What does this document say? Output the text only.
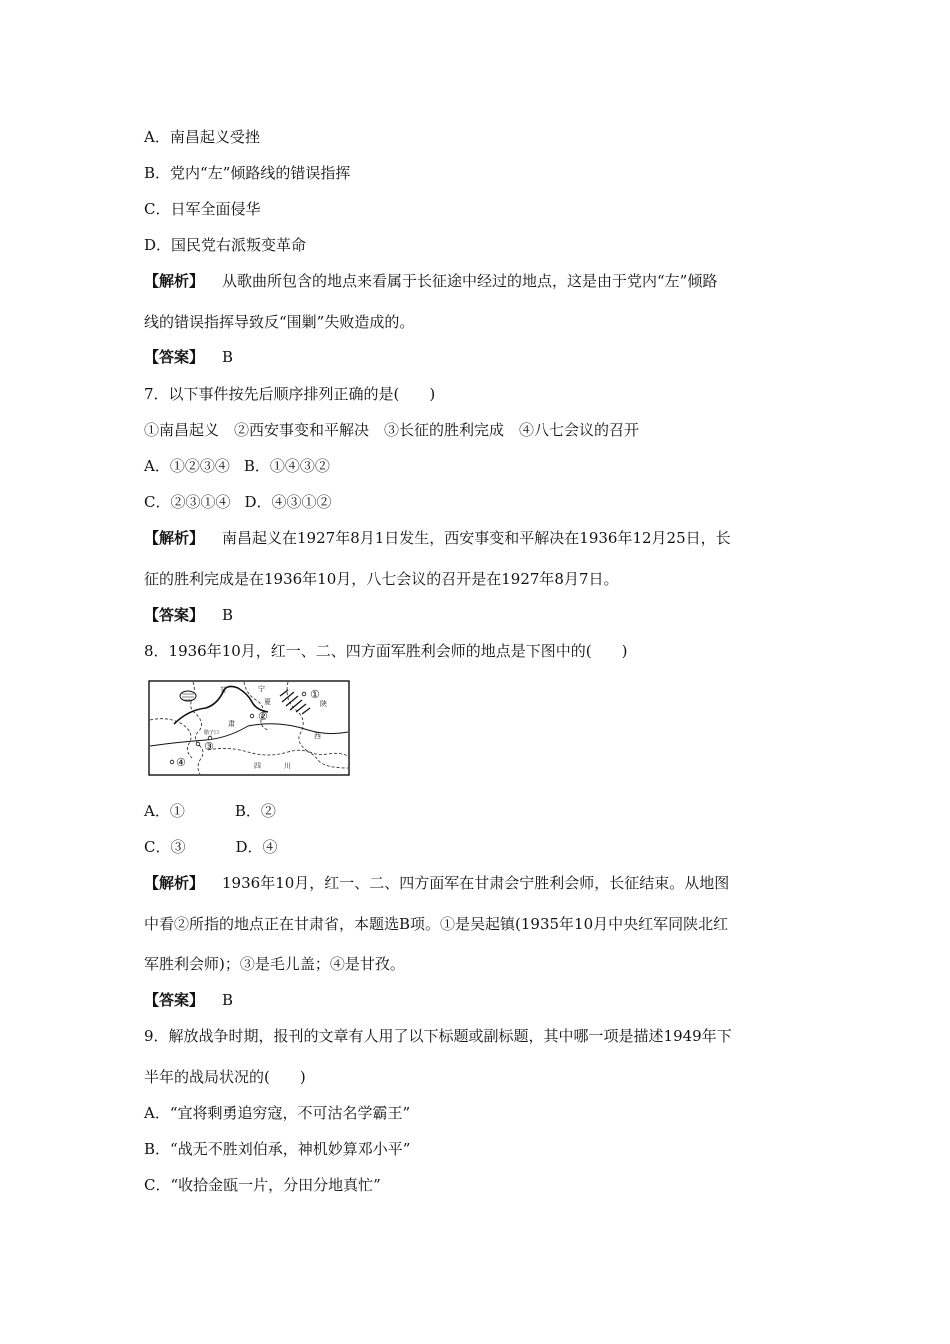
A．南昌起义受挫
B．党内“左”倾路线的错误指挥
C．日军全面侵华
D．国民党右派叛变革命
【解析】 从歌曲所包含的地点来看属于长征途中经过的地点，这是由于党内“左”倾路
线的错误指挥导致反“围剿”失败造成的。
【答案】 B
7．以下事件按先后顺序排列正确的是(　　)
①南昌起义　②西安事变和平解决　③长征的胜利完成　④八七会议的召开
A．①②③④ B．①④③②
C．②③①④ D．④③①②
【解析】 南昌起义在1927年8月1日发生，西安事变和平解决在1936年12月25日，长
征的胜利完成是在1936年10月，八七会议的召开是在1927年8月7日。
【答案】 B
8．1936年10月，红一、二、四方面军胜利会师的地点是下图中的(　　)
甘	宁
夏	陕
肃
西
四	川
腊子口
①
②
③
④
A．①	B．②
C．③	D．④
【解析】 1936年10月，红一、二、四方面军在甘肃会宁胜利会师，长征结束。从地图
中看②所指的地点正在甘肃省，本题选B项。①是吴起镇(1935年10月中央红军同陕北红
军胜利会师)；③是毛儿盖；④是甘孜。
【答案】 B
9．解放战争时期，报刊的文章有人用了以下标题或副标题，其中哪一项是描述1949年下
半年的战局状况的(　　)
A．“宜将剩勇追穷寇，不可沽名学霸王”
B．“战无不胜刘伯承，神机妙算邓小平”
C．“收拾金瓯一片，分田分地真忙”
